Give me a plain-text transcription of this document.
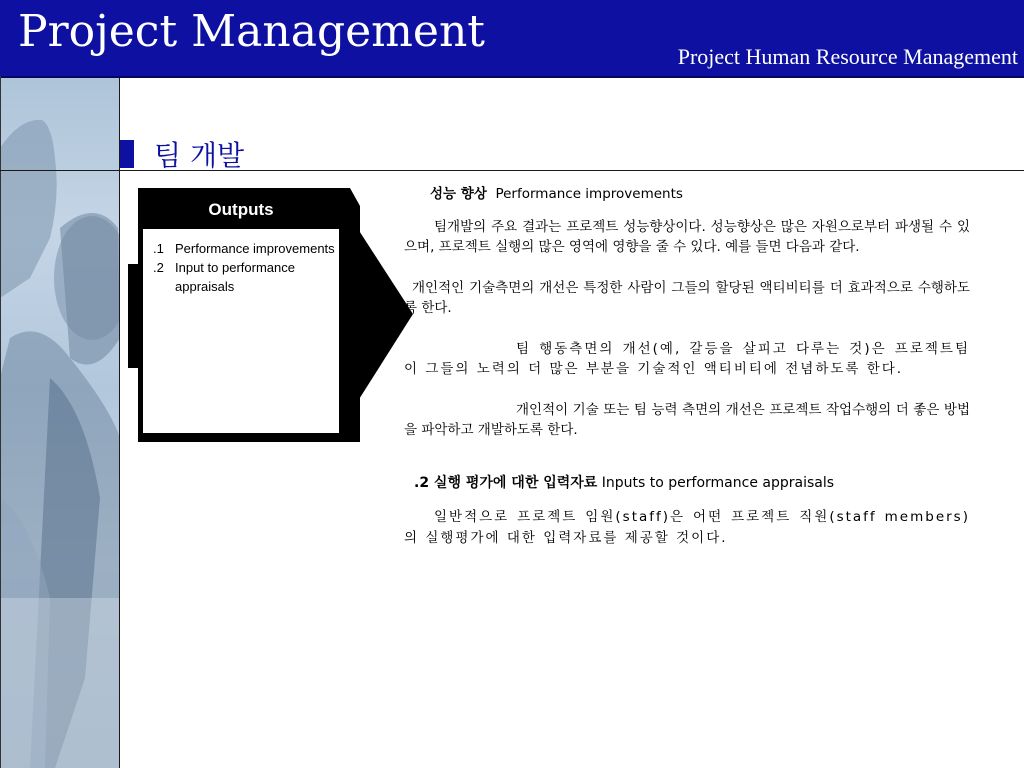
Project Management	Project Human Resource Management
팀 개발
Outputs
.1 Performance improvements
.2 Input to performance appraisals

성능 향상 Performance improvements

팀개발의 주요 결과는 프로젝트 성능향상이다. 성능향상은 많은 자원으로부터 파생될 수 있으며, 프로젝트 실행의 많은 영역에 영향을 줄 수 있다. 예를 들면 다음과 같다.

개인적인 기술측면의 개선은 특정한 사람이 그들의 할당된 액티비티를 더 효과적으로 수행하도록 한다.

팀 행동측면의 개선(예, 갈등을 살피고 다루는 것)은 프로젝트팀이 그들의 노력의 더 많은 부분을 기술적인 액티비티에 전념하도록 한다.

개인적이 기술 또는 팀 능력 측면의 개선은 프로젝트 작업수행의 더 좋은 방법을 파악하고 개발하도록 한다.

.2 실행 평가에 대한 입력자료 Inputs to performance appraisals

일반적으로 프로젝트 임원(staff)은 어떤 프로젝트 직원(staff members)의 실행평가에 대한 입력자료를 제공할 것이다.
